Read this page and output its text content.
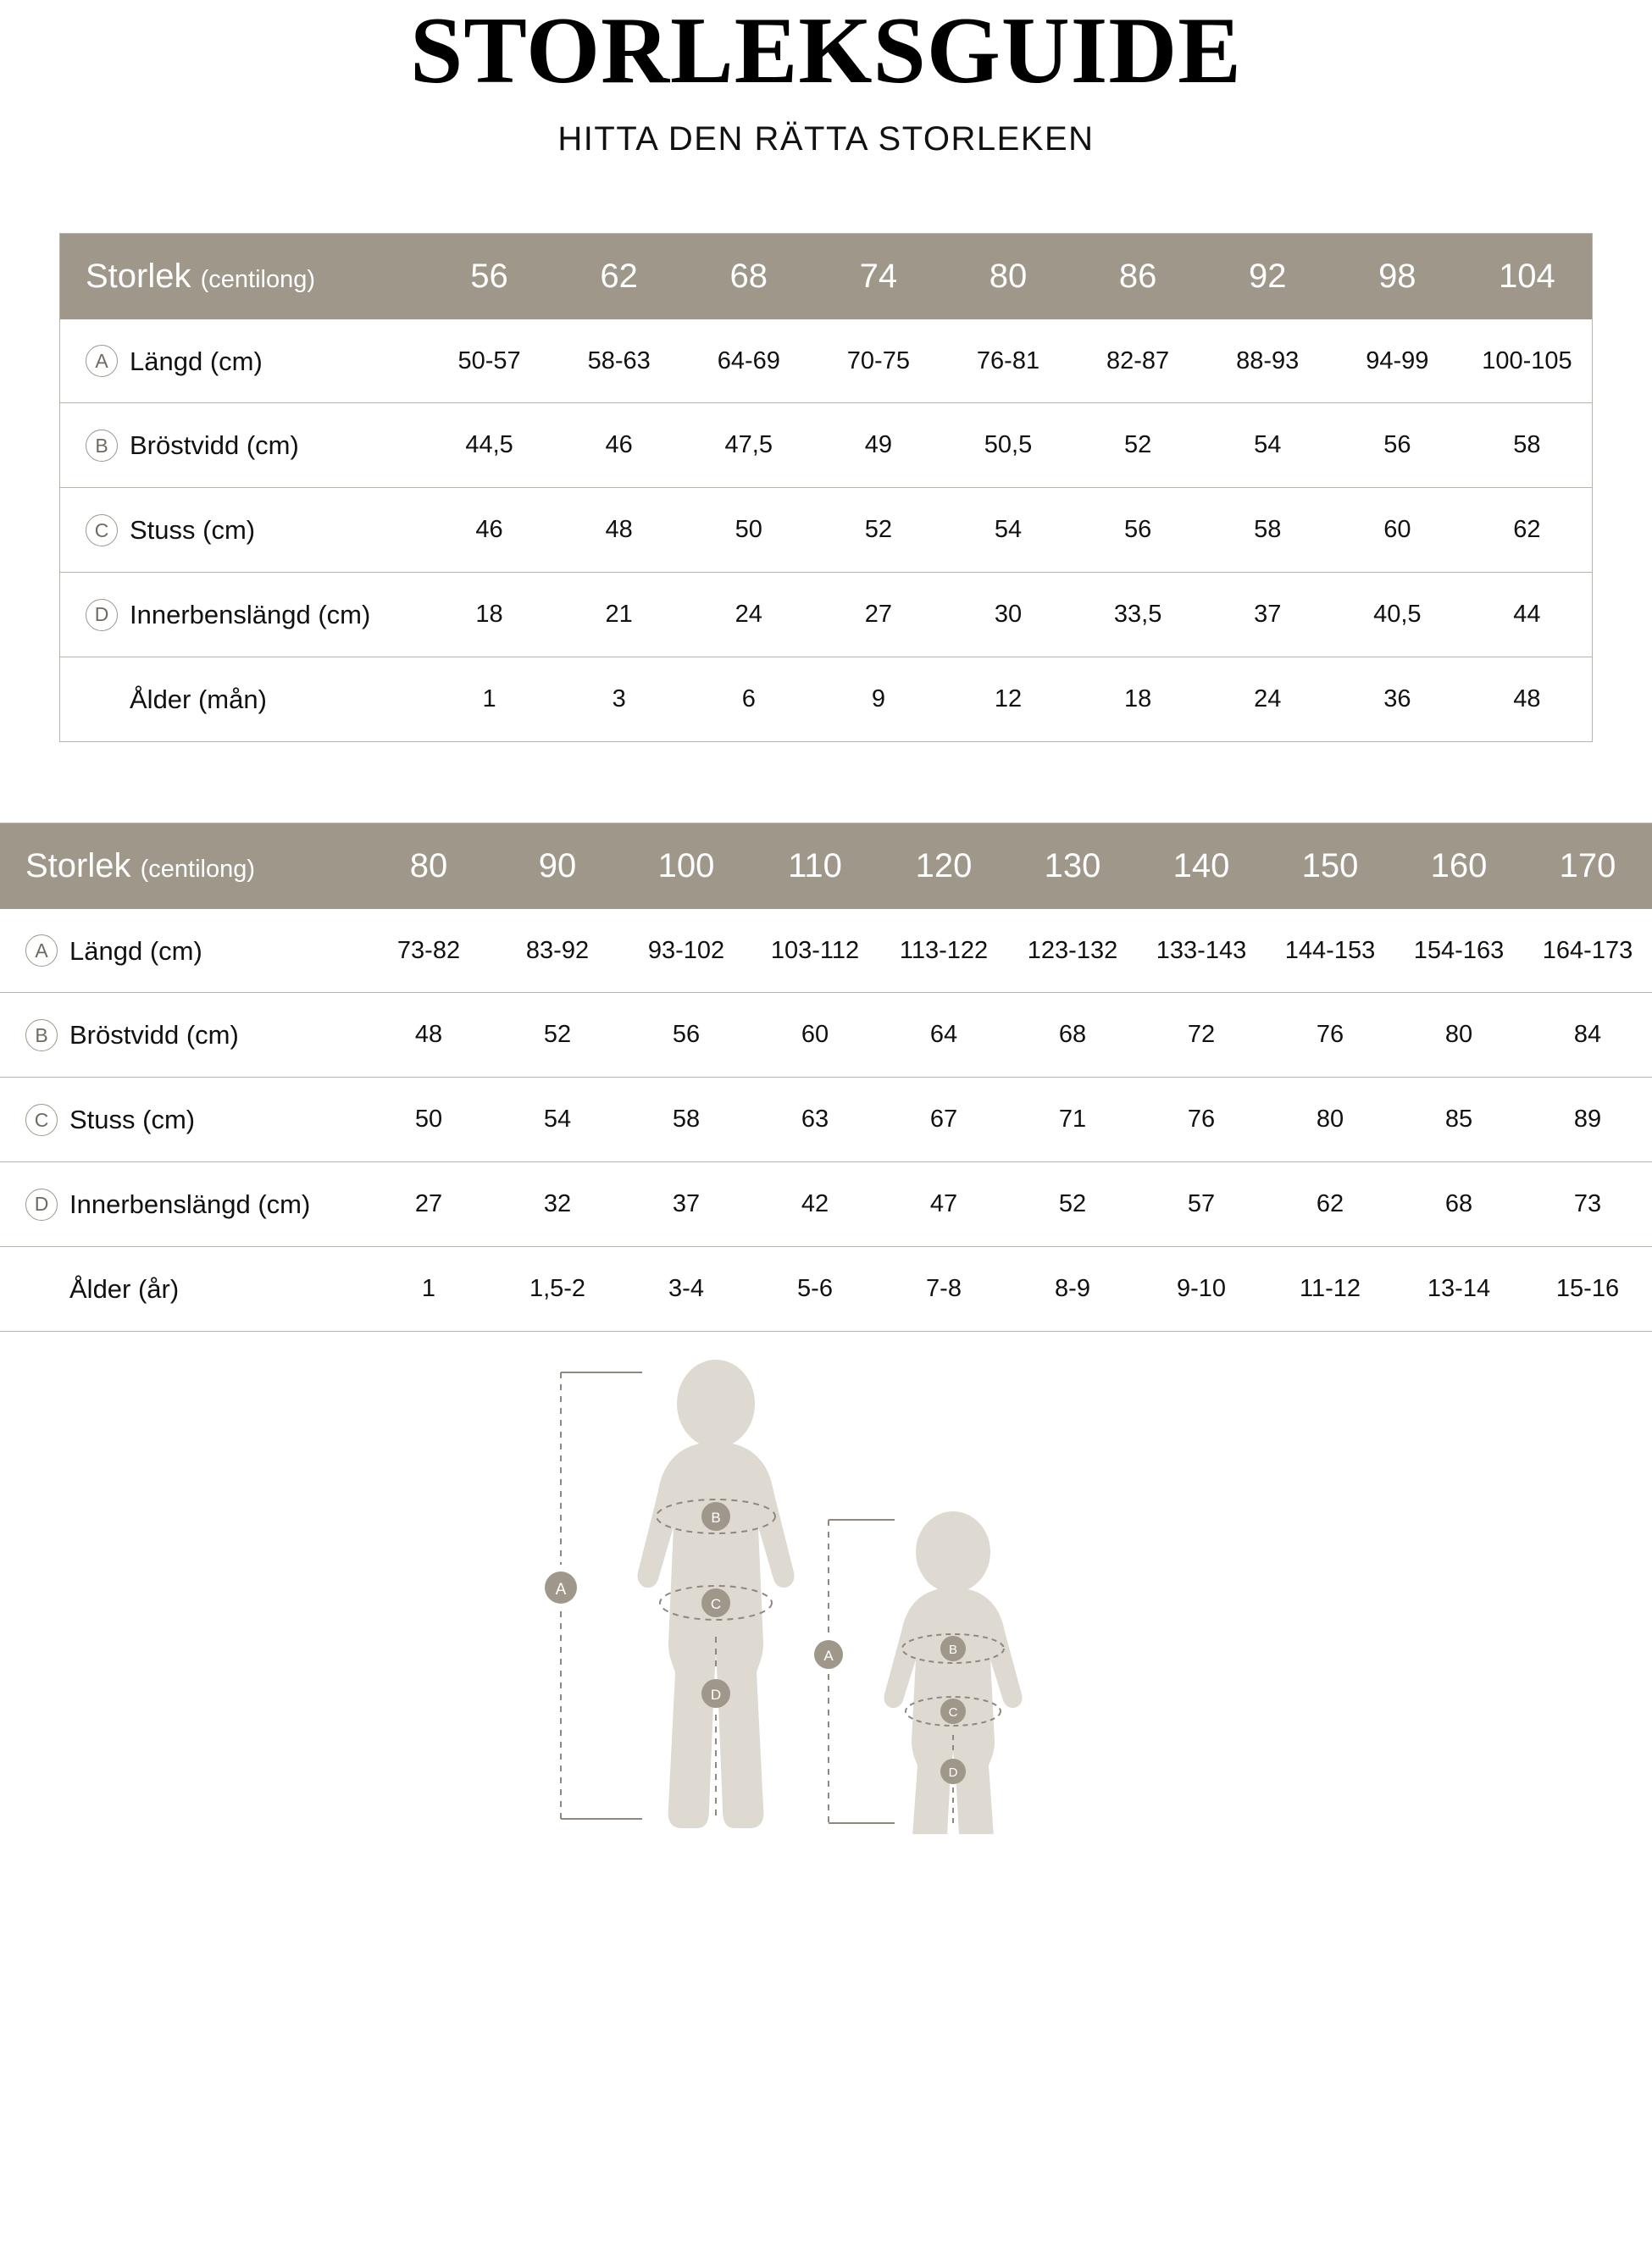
STORLEKSGUIDE
HITTA DEN RÄTTA STORLEKEN
Storlek (centilong)	56	62	68	74	80	86	92	98	104
A Längd (cm)	50-57	58-63	64-69	70-75	76-81	82-87	88-93	94-99	100-105
B Bröstvidd (cm)	44,5	46	47,5	49	50,5	52	54	56	58
C Stuss (cm)	46	48	50	52	54	56	58	60	62
D Innerbenslängd (cm)	18	21	24	27	30	33,5	37	40,5	44
Ålder (mån)	1	3	6	9	12	18	24	36	48
Storlek (centilong)	80	90	100	110	120	130	140	150	160	170
A Längd (cm)	73-82	83-92	93-102	103-112	113-122	123-132	133-143	144-153	154-163	164-173
B Bröstvidd (cm)	48	52	56	60	64	68	72	76	80	84
C Stuss (cm)	50	54	58	63	67	71	76	80	85	89
D Innerbenslängd (cm)	27	32	37	42	47	52	57	62	68	73
Ålder (år)	1	1,5-2	3-4	5-6	7-8	8-9	9-10	11-12	13-14	15-16
A
B
C
D
A	B
C
D
